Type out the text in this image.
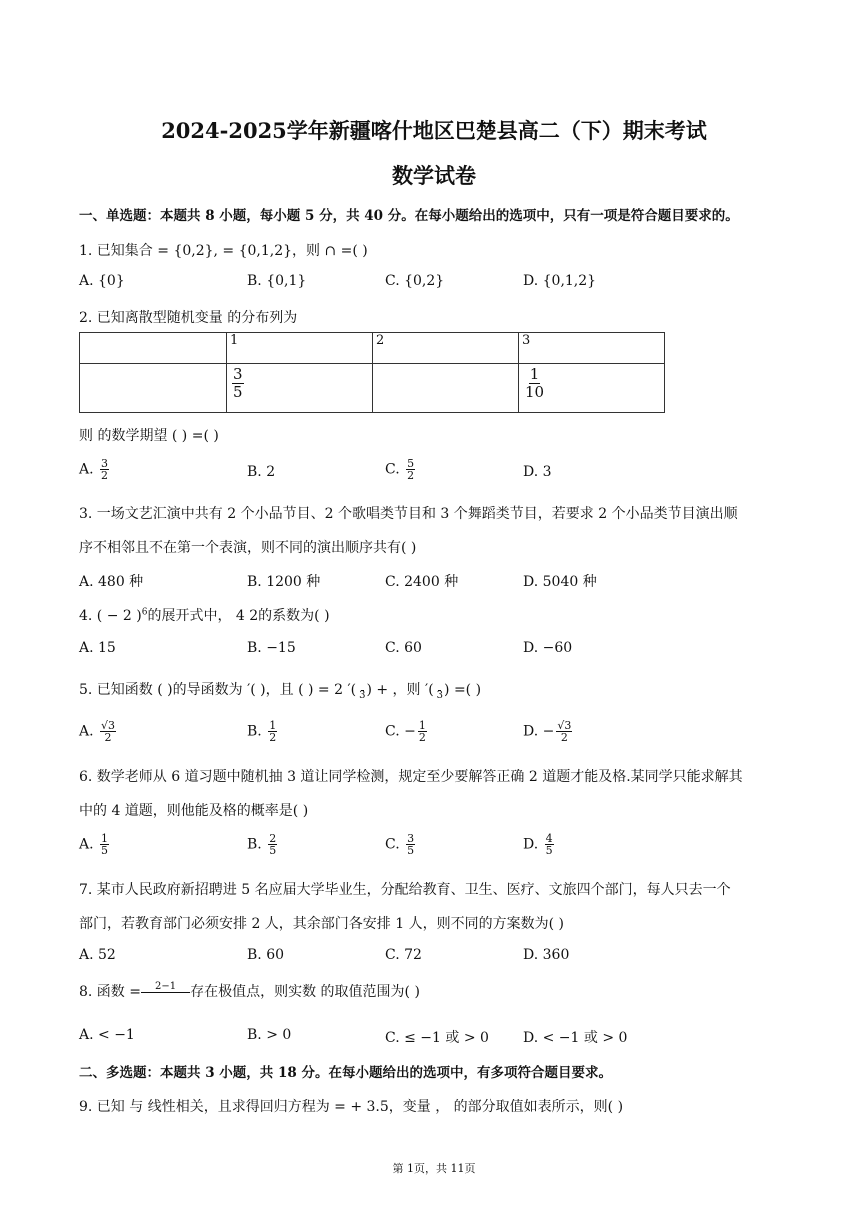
2024-2025学年新疆喀什地区巴楚县高二（下）期末考试
数学试卷
一、单选题：本题共 8 小题，每小题 5 分，共 40 分。在每小题给出的选项中，只有一项是符合题目要求的。
1. 已知集合 = {0,2}, = {0,1,2}，则 ∩ =( )
A. {0}	B. {0,1}	C. {0,2}	D. {0,1,2}
2. 已知离散型随机变量 的分布列为
	1	2	3

	$\frac{3}{5}$		$\frac{1}{10}$
则 的数学期望 ( ) =( )
A. $\frac{3}{2}$	B. 2	C. $\frac{5}{2}$	D. 3
3. 一场文艺汇演中共有 2 个小品节目、2 个歌唱类节目和 3 个舞蹈类节目，若要求 2 个小品类节目演出顺
序不相邻且不在第一个表演，则不同的演出顺序共有( )
A. 480 种	B. 1200 种	C. 2400 种	D. 5040 种
4. ( − 2 )$^6$的展开式中， 4 2的系数为( )
A. 15	B. −15	C. 60	D. −60
5. 已知函数 ( )的导函数为 ′( )，且 ( ) = 2 ′(
  3 ) + ，则 ′(
  3 ) =( )
A. $\frac{√3}{2}$	B. $\frac{1}{2}$	C. − $\frac{1}{2}$	D. − $\frac{√3}{2}$
6. 数学老师从 6 道习题中随机抽 3 道让同学检测，规定至少要解答正确 2 道题才能及格.某同学只能求解其
中的 4 道题，则他能及格的概率是( )
A. $\frac{1}{5}$	B. $\frac{2}{5}$	C. $\frac{3}{5}$	D. $\frac{4}{5}$
7. 某市人民政府新招聘进 5 名应届大学毕业生，分配给教育、卫生、医疗、文旅四个部门，每人只去一个
部门，若教育部门必须安排 2 人，其余部门各安排 1 人，则不同的方案数为( )
A. 52	B. 60	C. 72	D. 360
8. 函数 =	2−1
 	存在极值点，则实数 的取值范围为( )
A. < −1	B. > 0	C. ≤ −1 或 > 0 D. < −1 或 > 0
二、多选题：本题共 3 小题，共 18 分。在每小题给出的选项中，有多项符合题目要求。
9. 已知 与 线性相关，且求得回归方程为 = + 3.5，变量 ， 的部分取值如表所示，则( )
第 1页，共 11页
